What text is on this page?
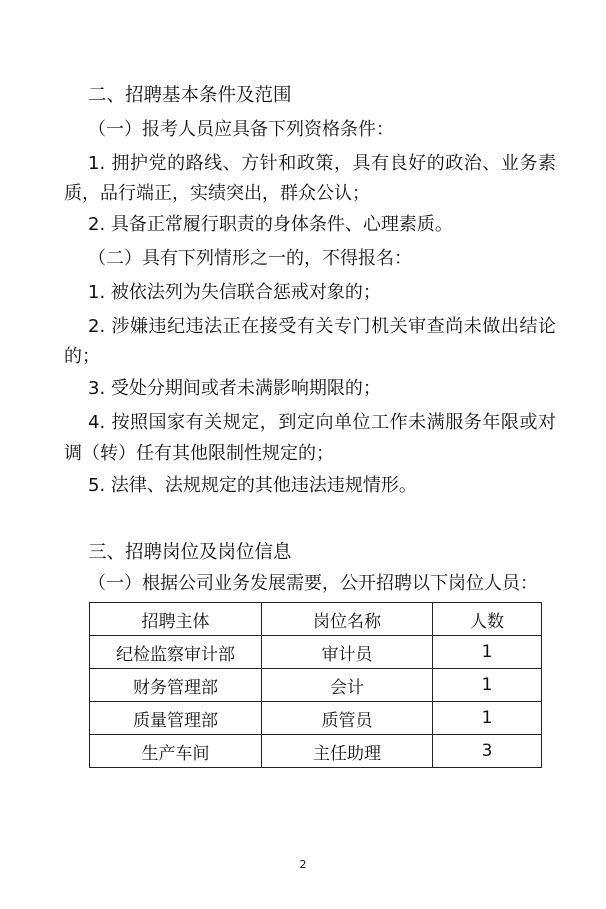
二、招聘基本条件及范围
（一）报考人员应具备下列资格条件：
1. 拥护党的路线、方针和政策，具有良好的政治、业务素
质，品行端正，实绩突出，群众公认；
2. 具备正常履行职责的身体条件、心理素质。
（二）具有下列情形之一的，不得报名：
1. 被依法列为失信联合惩戒对象的；
2. 涉嫌违纪违法正在接受有关专门机关审查尚未做出结论
的；
3. 受处分期间或者未满影响期限的；
4. 按照国家有关规定，到定向单位工作未满服务年限或对
调（转）任有其他限制性规定的；
5. 法律、法规规定的其他违法违规情形。
三、招聘岗位及岗位信息
（一）根据公司业务发展需要，公开招聘以下岗位人员：
招聘主体	岗位名称	人数
纪检监察审计部	审计员	1
财务管理部	会计	1
质量管理部	质管员	1
生产车间	主任助理	3
2
